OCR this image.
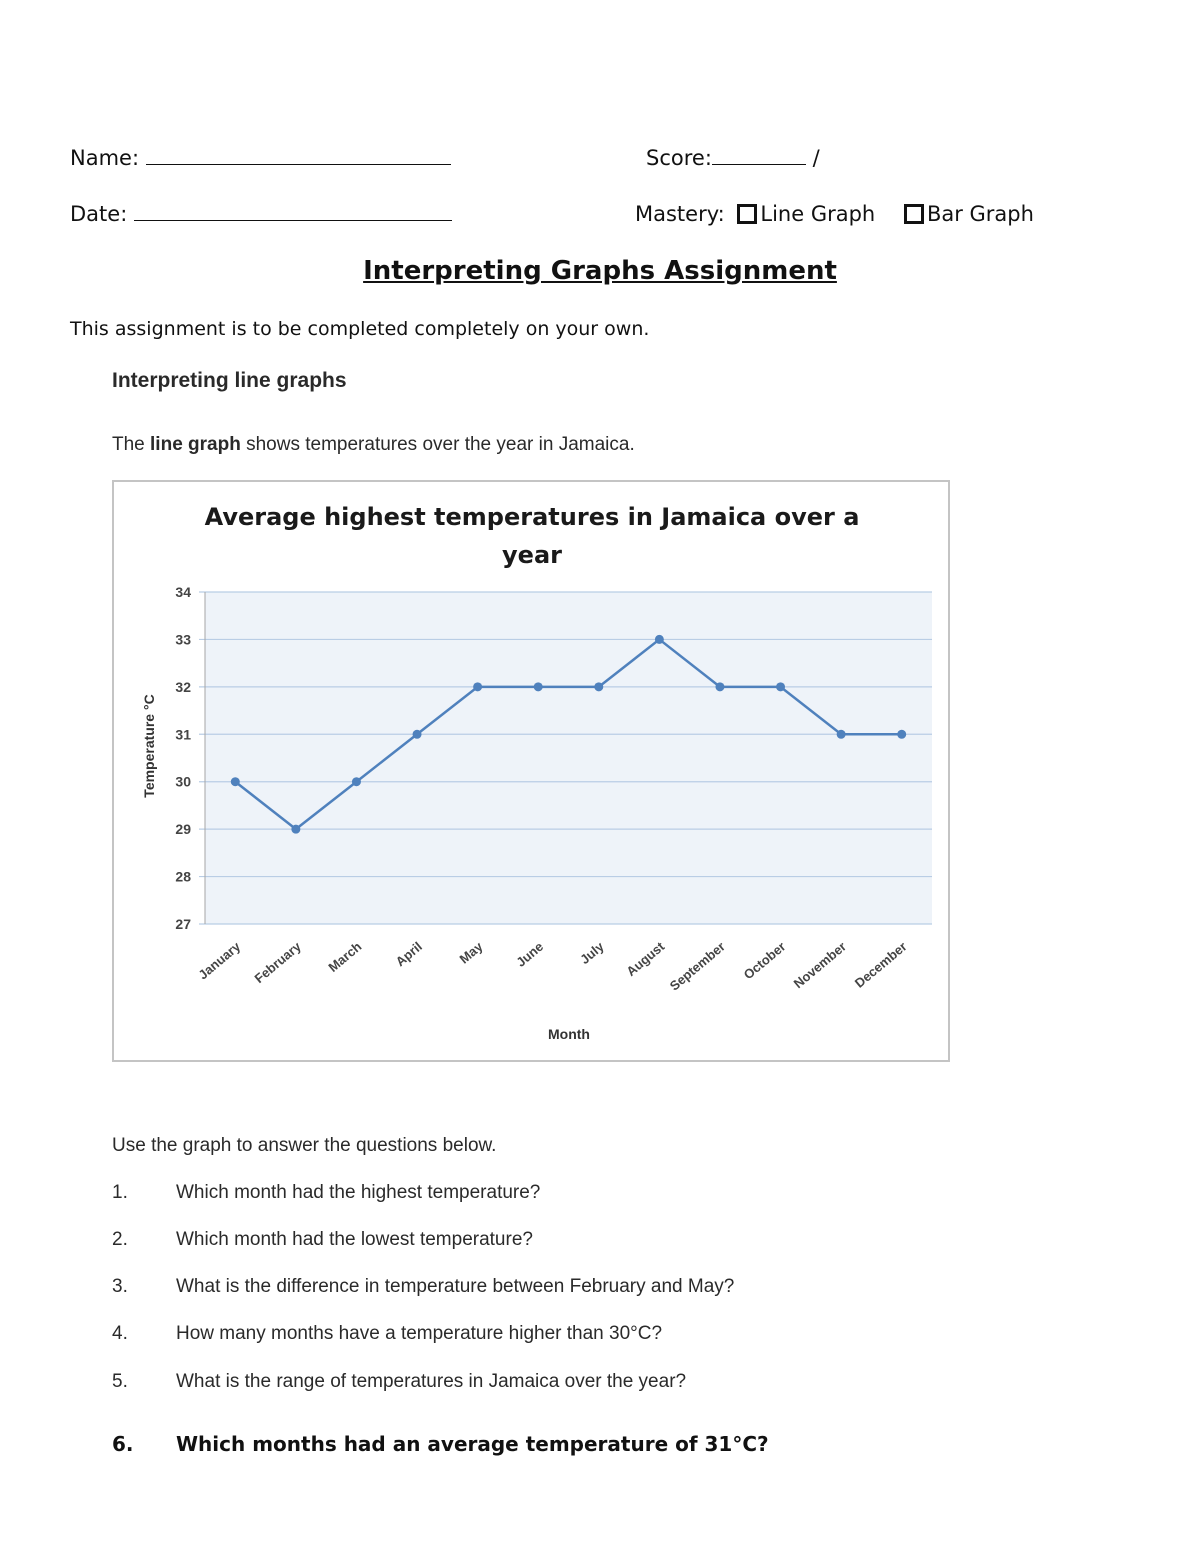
Name:
Date:
Score:	/
Mastery: Line Graph Bar Graph
Interpreting Graphs Assignment
This assignment is to be completed completely on your own.
Interpreting line graphs
The line graph shows temperatures over the year in Jamaica.
Average highest temperatures in Jamaica over a
year
27
28
29
30
31
32
33
34
January February March April May June July August September October November December
Temperature °C
Month
Use the graph to answer the questions below.
1.	Which month had the highest temperature?
2.	Which month had the lowest temperature?
3.	What is the difference in temperature between February and May?
4.	How many months have a temperature higher than 30°C?
5.	What is the range of temperatures in Jamaica over the year?
6. Which months had an average temperature of 31°C?
